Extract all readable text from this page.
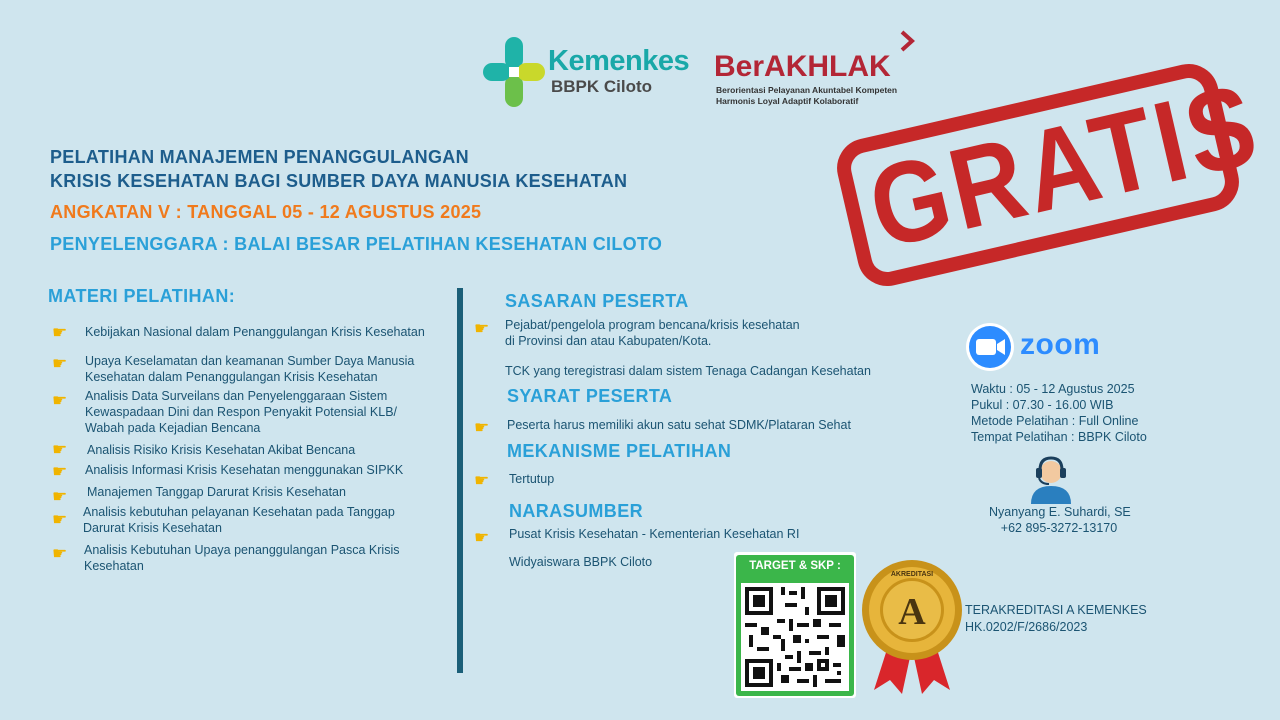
Kemenkes
BBPK Ciloto
BerAKHLAK
Berorientasi Pelayanan Akuntabel Kompeten
Harmonis Loyal Adaptif Kolaboratif GRATIS
PELATIHAN MANAJEMEN PENANGGULANGAN
KRISIS KESEHATAN BAGI SUMBER DAYA MANUSIA KESEHATAN
ANGKATAN V : TANGGAL 05 - 12 AGUSTUS 2025
PENYELENGGARA : BALAI BESAR PELATIHAN KESEHATAN CILOTO
MATERI PELATIHAN:
☛ Kebijakan Nasional dalam Penanggulangan Krisis Kesehatan
☛ Upaya Keselamatan dan keamanan Sumber Daya Manusia Kesehatan dalam Penanggulangan Krisis Kesehatan
☛ Analisis Data Surveilans dan Penyelenggaraan Sistem Kewaspadaan Dini dan Respon Penyakit Potensial KLB/ Wabah pada Kejadian Bencana
☛ Analisis Risiko Krisis Kesehatan Akibat Bencana
☛ Analisis Informasi Krisis Kesehatan menggunakan SIPKK
☛ Manajemen Tanggap Darurat Krisis Kesehatan
☛ Analisis kebutuhan pelayanan Kesehatan pada Tanggap Darurat Krisis Kesehatan
☛ Analisis Kebutuhan Upaya penanggulangan Pasca Krisis Kesehatan
SASARAN PESERTA
☛ Pejabat/pengelola program bencana/krisis kesehatan
di Provinsi dan atau Kabupaten/Kota.
TCK yang teregistrasi dalam sistem Tenaga Cadangan Kesehatan
SYARAT PESERTA
☛ Peserta harus memiliki akun satu sehat SDMK/Plataran Sehat
MEKANISME PELATIHAN
☛ Tertutup
NARASUMBER
☛ Pusat Krisis Kesehatan - Kementerian Kesehatan RI
Widyaiswara BBPK Ciloto
zoom
Waktu : 05 - 12 Agustus 2025
Pukul : 07.30 - 16.00 WIB
Metode Pelatihan : Full Online
Tempat Pelatihan : BBPK Ciloto
Nyanyang E. Suhardi, SE
+62 895-3272-13170
TARGET & SKP :
A
AKREDITASI
TERAKREDITASI A KEMENKES
HK.0202/F/2686/2023
